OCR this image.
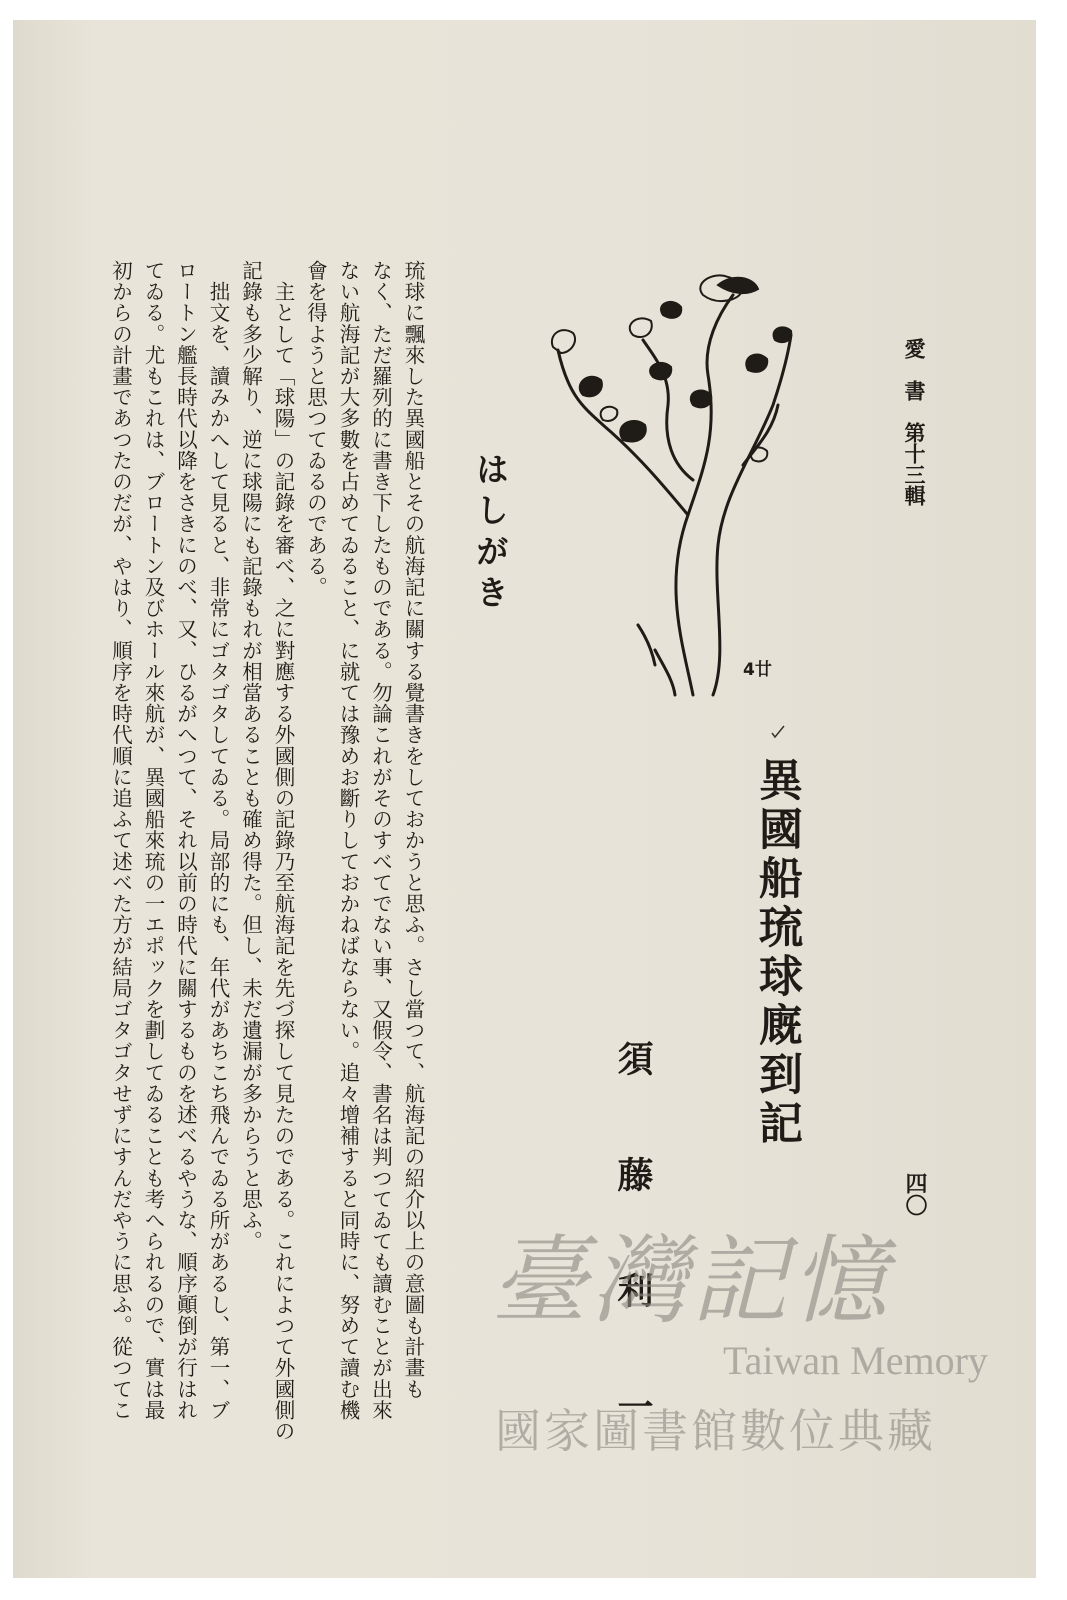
愛　書　第十三輯
4廿
異國船琉球廐到記
須　藤　利　一	四〇
はしがき

琉球に飄來した異國船とその航海記に關する覺書きをしておかうと思ふ。さし當つて、航海記の紹介以上の意圖も計畫も

なく、ただ羅列的に書き下したものである。勿論これがそのすべてでない事、又假令、書名は判つてゐても讀むことが出來

ない航海記が大多數を占めてゐること、に就ては豫めお斷りしておかねばならない。追々增補すると同時に、努めて讀む機

會を得ようと思つてゐるのである。

　主として「球陽」の記錄を審べ、之に對應する外國側の記錄乃至航海記を先づ探して見たのである。これによつて外國側の

記錄も多少解り、逆に球陽にも記錄もれが相當あることも確め得た。但し、未だ遺漏が多からうと思ふ。

　拙文を、讀みかへして見ると、非常にゴタゴタしてゐる。局部的にも、年代があちこち飛んでゐる所があるし、第一、ブ

ロートン艦長時代以降をさきにのべ、又、ひるがへつて、それ以前の時代に關するものを述べるやうな、順序顚倒が行はれ

てゐる。尤もこれは、ブロートン及びホール來航が、異國船來琉の一エポックを劃してゐることも考へられるので、實は最

初からの計畫であつたのだが、やはり、順序を時代順に追ふて述べた方が結局ゴタゴタせずにすんだやうに思ふ。從つてこ	臺灣記憶
Taiwan Memory
國家圖書館數位典藏
